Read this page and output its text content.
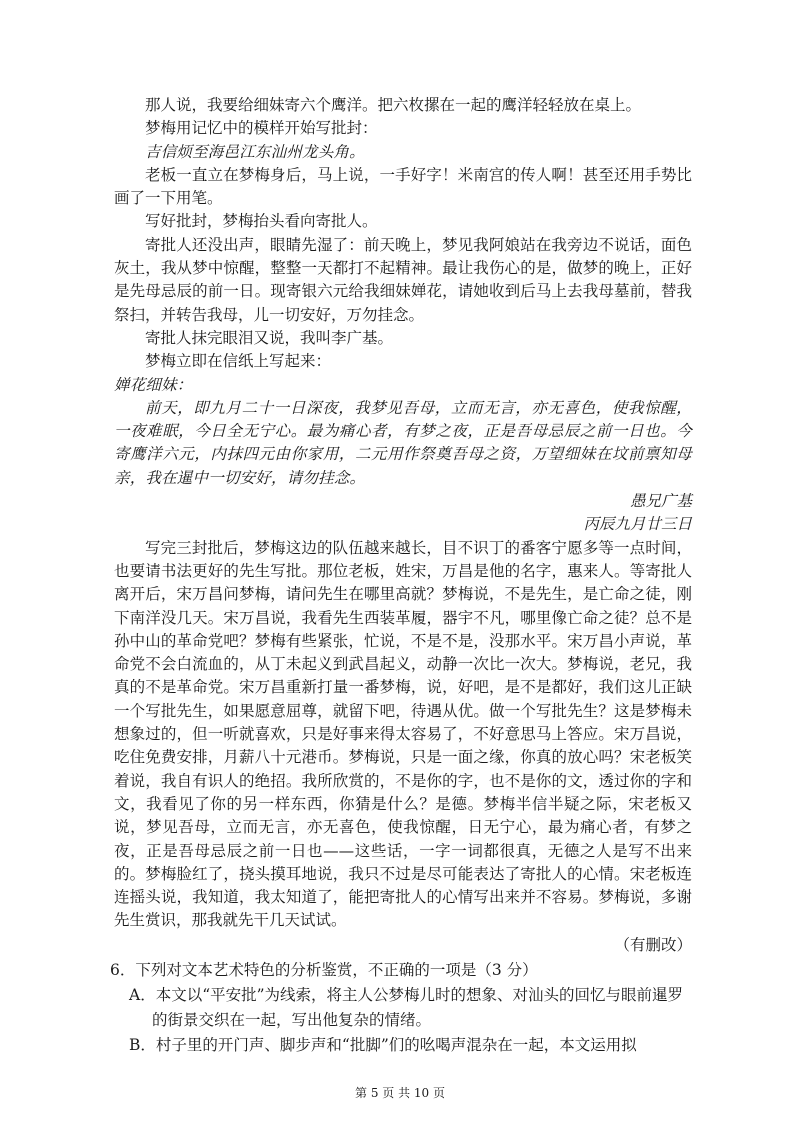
那人说，我要给细妹寄六个鹰洋。把六枚摞在一起的鹰洋轻轻放在桌上。

梦梅用记忆中的模样开始写批封：

吉信烦至海邑江东汕州龙头角。

老板一直立在梦梅身后，马上说，一手好字！米南宫的传人啊！甚至还用手势比画了一下用笔。

写好批封，梦梅抬头看向寄批人。

寄批人还没出声，眼睛先湿了：前天晚上，梦见我阿娘站在我旁边不说话，面色灰土，我从梦中惊醒，整整一天都打不起精神。最让我伤心的是，做梦的晚上，正好是先母忌辰的前一日。现寄银六元给我细妹婵花，请她收到后马上去我母墓前，替我祭扫，并转告我母，儿一切安好，万勿挂念。

寄批人抹完眼泪又说，我叫李广基。

梦梅立即在信纸上写起来：

婵花细妹：

前天，即九月二十一日深夜，我梦见吾母，立而无言，亦无喜色，使我惊醒，一夜难眠，今日全无宁心。最为痛心者，有梦之夜，正是吾母忌辰之前一日也。今寄鹰洋六元，内抹四元由你家用，二元用作祭奠吾母之资，万望细妹在坟前禀知母亲，我在暹中一切安好，请勿挂念。

愚兄广基

丙辰九月廿三日

写完三封批后，梦梅这边的队伍越来越长，目不识丁的番客宁愿多等一点时间，也要请书法更好的先生写批。那位老板，姓宋，万昌是他的名字，惠来人。等寄批人离开后，宋万昌问梦梅，请问先生在哪里高就？梦梅说，不是先生，是亡命之徒，刚下南洋没几天。宋万昌说，我看先生西装革履，器宇不凡，哪里像亡命之徒？总不是孙中山的革命党吧？梦梅有些紧张，忙说，不是不是，没那水平。宋万昌小声说，革命党不会白流血的，从丁未起义到武昌起义，动静一次比一次大。梦梅说，老兄，我真的不是革命党。宋万昌重新打量一番梦梅，说，好吧，是不是都好，我们这儿正缺一个写批先生，如果愿意屈尊，就留下吧，待遇从优。做一个写批先生？这是梦梅未想象过的，但一听就喜欢，只是好事来得太容易了，不好意思马上答应。宋万昌说，吃住免费安排，月薪八十元港币。梦梅说，只是一面之缘，你真的放心吗？宋老板笑着说，我自有识人的绝招。我所欣赏的，不是你的字，也不是你的文，透过你的字和文，我看见了你的另一样东西，你猜是什么？是德。梦梅半信半疑之际，宋老板又说，梦见吾母，立而无言，亦无喜色，使我惊醒，日无宁心，最为痛心者，有梦之夜，正是吾母忌辰之前一日也——这些话，一字一词都很真，无德之人是写不出来的。梦梅脸红了，挠头摸耳地说，我只不过是尽可能表达了寄批人的心情。宋老板连连摇头说，我知道，我太知道了，能把寄批人的心情写出来并不容易。梦梅说，多谢先生赏识，那我就先干几天试试。

（有删改）

6．下列对文本艺术特色的分析鉴赏，不正确的一项是（3 分）

A．本文以“平安批”为线索，将主人公梦梅儿时的想象、对汕头的回忆与眼前暹罗的街景交织在一起，写出他复杂的情绪。

B．村子里的开门声、脚步声和“批脚”们的吆喝声混杂在一起，本文运用拟

第 5 页 共 10 页
